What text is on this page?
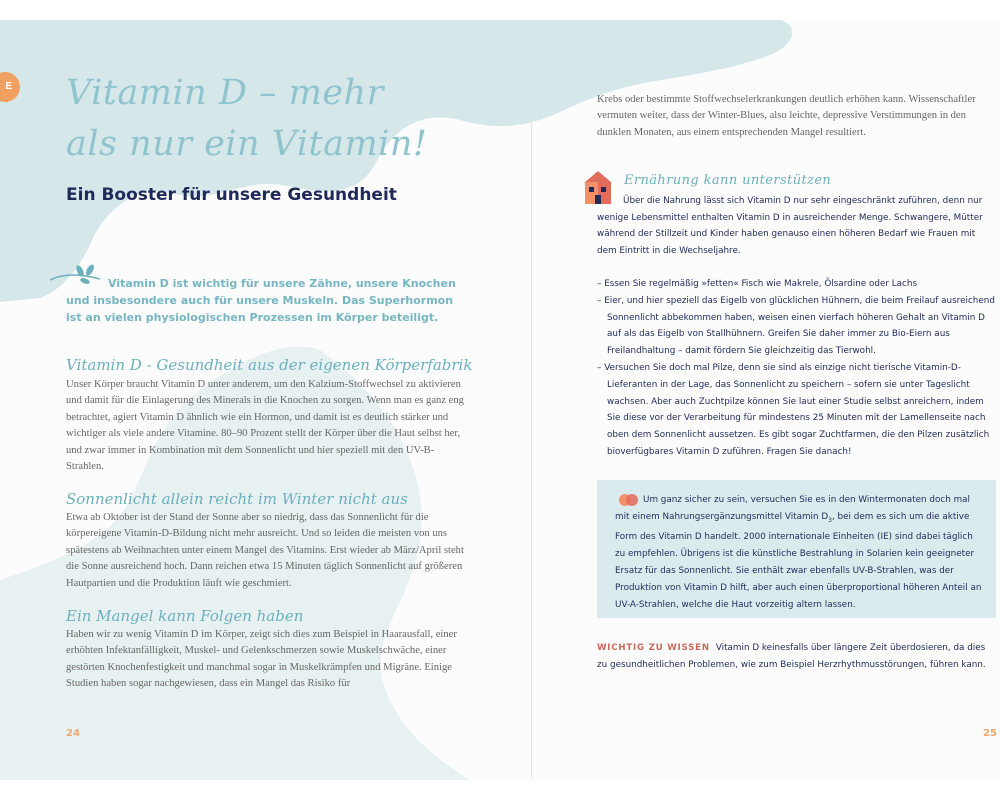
E Vitamin D – mehr
als nur ein Vitamin!
Ein Booster für unsere Gesundheit
Vitamin D ist wichtig für unsere Zähne, unsere Knochen und insbesondere auch für unsere Muskeln. Das Superhormon ist an vielen physiologischen Prozessen im Körper beteiligt.
Vitamin D - Gesundheit aus der eigenen Körperfabrik

Unser Körper braucht Vitamin D unter anderem, um den Kalzium-Stoffwechsel zu aktivieren und damit für die Einlagerung des Minerals in die Knochen zu sorgen. Wenn man es ganz eng betrachtet, agiert Vitamin D ähnlich wie ein Hormon, und damit ist es deutlich stärker und wichtiger als viele andere Vitamine. 80–90 Prozent stellt der Körper über die Haut selbst her, und zwar immer in Kombination mit dem Sonnenlicht und hier speziell mit den UV-B-Strahlen.

Sonnenlicht allein reicht im Winter nicht aus

Etwa ab Oktober ist der Stand der Sonne aber so niedrig, dass das Sonnenlicht für die körpereigene Vitamin-D-Bildung nicht mehr ausreicht. Und so leiden die meisten von uns spätestens ab Weihnachten unter einem Mangel des Vitamins. Erst wieder ab März/April steht die Sonne ausreichend hoch. Dann reichen etwa 15 Minuten täglich Sonnenlicht auf größeren Hautpartien und die Produktion läuft wie geschmiert.

Ein Mangel kann Folgen haben

Haben wir zu wenig Vitamin D im Körper, zeigt sich dies zum Beispiel in Haarausfall, einer erhöhten Infektanfälligkeit, Muskel- und Gelenkschmerzen sowie Muskelschwäche, einer gestörten Knochenfestigkeit und manchmal sogar in Muskelkrämpfen und Migräne. Einige Studien haben sogar nachgewiesen, dass ein Mangel das Risiko für

24

Krebs oder bestimmte Stoffwechselerkrankungen deutlich erhöhen kann. Wissenschaftler vermuten weiter, dass der Winter-Blues, also leichte, depressive Verstimmungen in den dunklen Monaten, aus einem entsprechenden Mangel resultiert.

Ernährung kann unterstützen

Über die Nahrung lässt sich Vitamin D nur sehr eingeschränkt zuführen, denn nur wenige Lebensmittel enthalten Vitamin D in ausreichender Menge. Schwangere, Mütter während der Stillzeit und Kinder haben genauso einen höheren Bedarf wie Frauen mit dem Eintritt in die Wechseljahre.

– Essen Sie regelmäßig »fetten« Fisch wie Makrele, Ölsardine oder Lachs
– Eier, und hier speziell das Eigelb von glücklichen Hühnern, die beim Freilauf ausreichend Sonnenlicht abbekommen haben, weisen einen vierfach höheren Gehalt an Vitamin D auf als das Eigelb von Stallhühnern. Greifen Sie daher immer zu Bio-Eiern aus Freilandhaltung – damit fördern Sie gleichzeitig das Tierwohl.
– Versuchen Sie doch mal Pilze, denn sie sind als einzige nicht tierische Vitamin-D-Lieferanten in der Lage, das Sonnenlicht zu speichern – sofern sie unter Tageslicht wachsen. Aber auch Zuchtpilze können Sie laut einer Studie selbst anreichern, indem Sie diese vor der Verarbeitung für mindestens 25 Minuten mit der Lamellenseite nach oben dem Sonnenlicht aussetzen. Es gibt sogar Zuchtfarmen, die den Pilzen zusätzlich bioverfügbares Vitamin D zuführen. Fragen Sie danach!

Um ganz sicher zu sein, versuchen Sie es in den Wintermonaten doch mal mit einem Nahrungsergänzungsmittel Vitamin $D_3$, bei dem es sich um die aktive Form des Vitamin D handelt. 2000 internationale Einheiten (IE) sind dabei täglich zu empfehlen. Übrigens ist die künstliche Bestrahlung in Solarien kein geeigneter Ersatz für das Sonnenlicht. Sie enthält zwar ebenfalls UV-B-Strahlen, was der Produktion von Vitamin D hilft, aber auch einen überproportional höheren Anteil an UV-A-Strahlen, welche die Haut vorzeitig altern lassen.

WICHTIG ZU WISSEN Vitamin D keinesfalls über längere Zeit überdosieren, da dies zu gesundheitlichen Problemen, wie zum Beispiel Herzrhythmusstörungen, führen kann.

25
